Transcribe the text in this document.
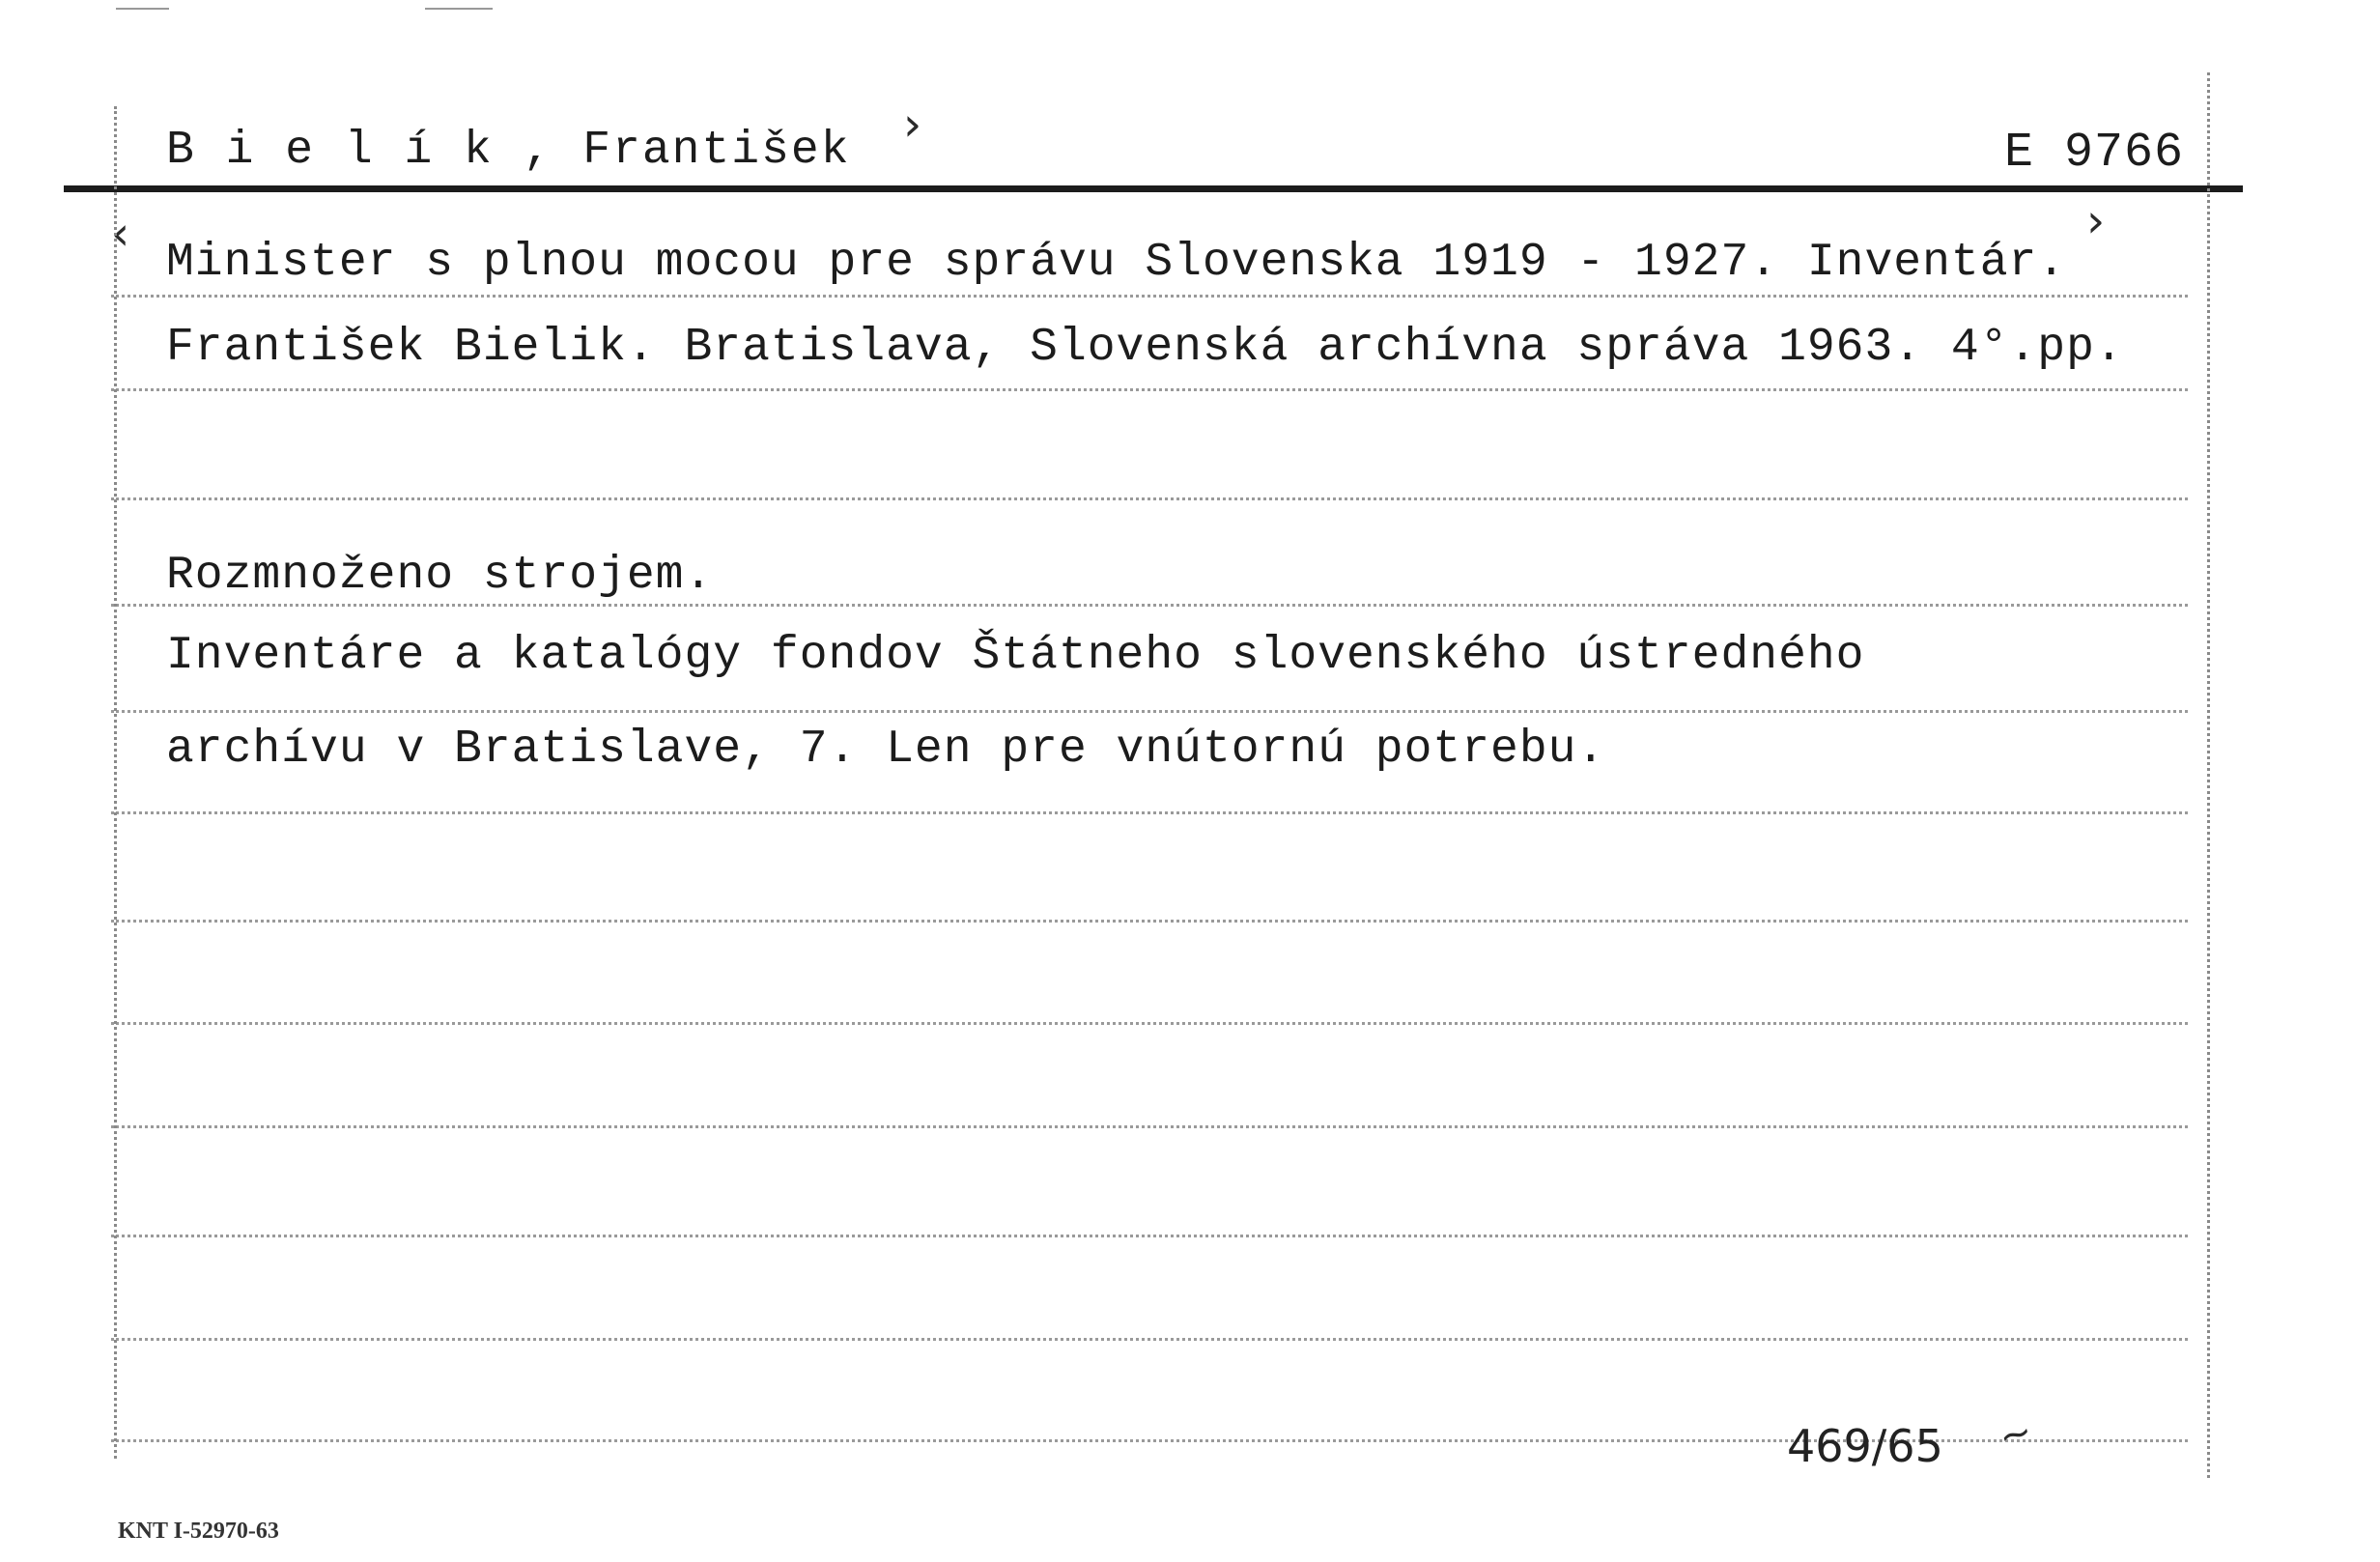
B i e l í k , František ›
E 9766
‹
Minister s plnou mocou pre správu Slovenska 1919 - 1927. Inventár.
›
František Bielik. Bratislava, Slovenská archívna správa 1963. 4°.pp.
Rozmnoženo strojem.
Inventáre a katalógy fondov Štátneho slovenského ústredného
archívu v Bratislave, 7. Len pre vnútornú potrebu.
469/65 ~
KNT I-52970-63
